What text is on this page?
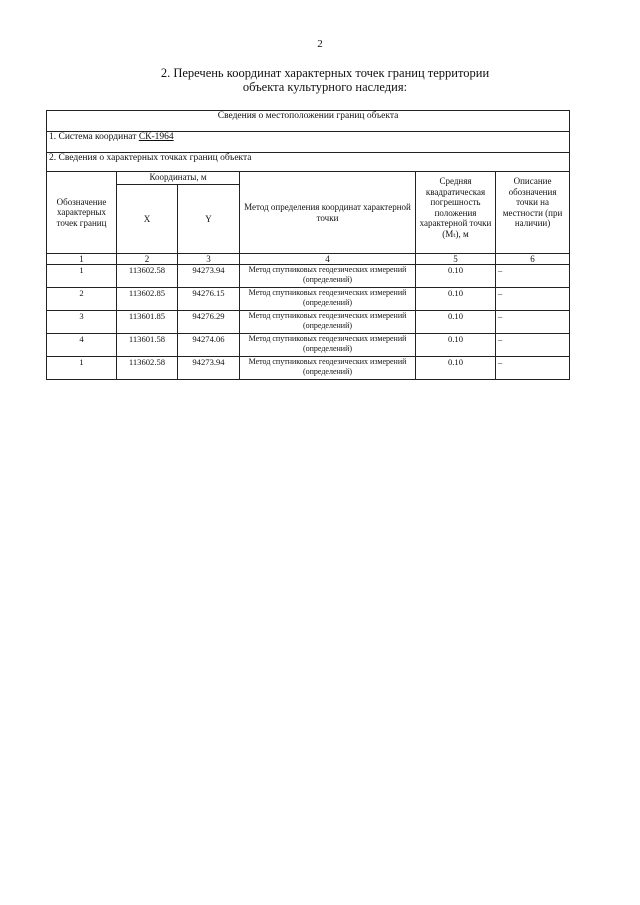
2
2. Перечень координат характерных точек границ территории
объекта культурного наследия:
Сведения о местоположении границ объекта					
1. Система координат СК-1964					
2. Сведения о характерных точках границ объекта					
Обозначение характерных точек границ	Координаты, м		Метод определения координат характерной точки	Средняя квадратическая погрешность положения характерной точки (Mₜ), м	Описание обозначения точки на местности (при наличии)
	X	Y			
1	2	3	4	5	6
1	113602.58	94273.94	Метод спутниковых геодезических измерений (определений)	0.10	–
2	113602.85	94276.15	Метод спутниковых геодезических измерений (определений)	0.10	–
3	113601.85	94276.29	Метод спутниковых геодезических измерений (определений)	0.10	–
4	113601.58	94274.06	Метод спутниковых геодезических измерений (определений)	0.10	–
1	113602.58	94273.94	Метод спутниковых геодезических измерений (определений)	0.10	–
